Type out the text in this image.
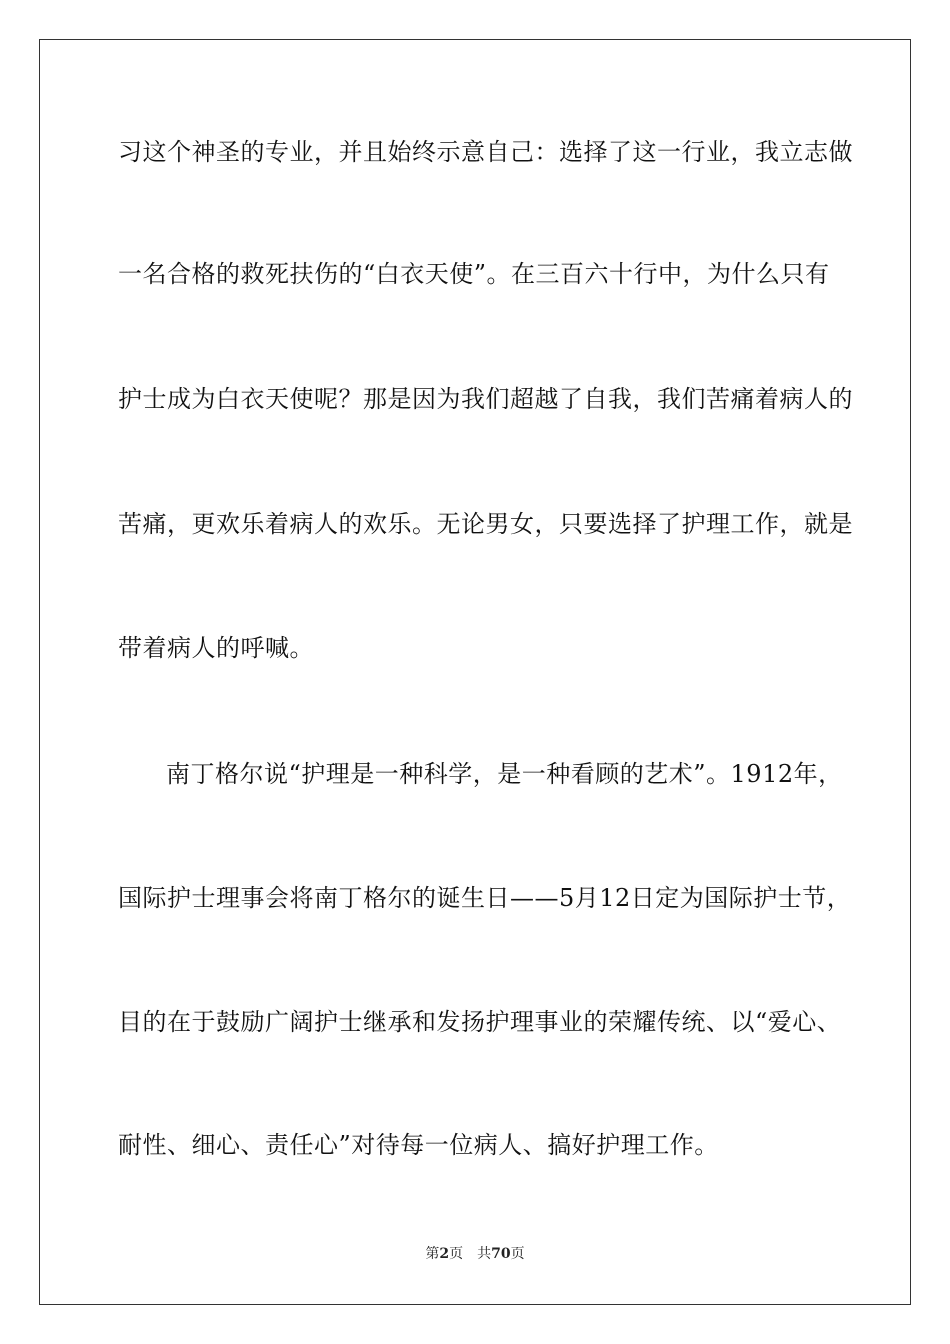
习这个神圣的专业，并且始终示意自己：选择了这一行业，我立志做
一名合格的救死扶伤的“白衣天使”。在三百六十行中，为什么只有
护士成为白衣天使呢？那是因为我们超越了自我，我们苦痛着病人的
苦痛，更欢乐着病人的欢乐。无论男女，只要选择了护理工作，就是
带着病人的呼喊。
南丁格尔说“护理是一种科学，是一种看顾的艺术”。1912年，
国际护士理事会将南丁格尔的诞生日——5月12日定为国际护士节，
目的在于鼓励广阔护士继承和发扬护理事业的荣耀传统、以“爱心、
耐性、细心、责任心”对待每一位病人、搞好护理工作。
第2页 共70页
